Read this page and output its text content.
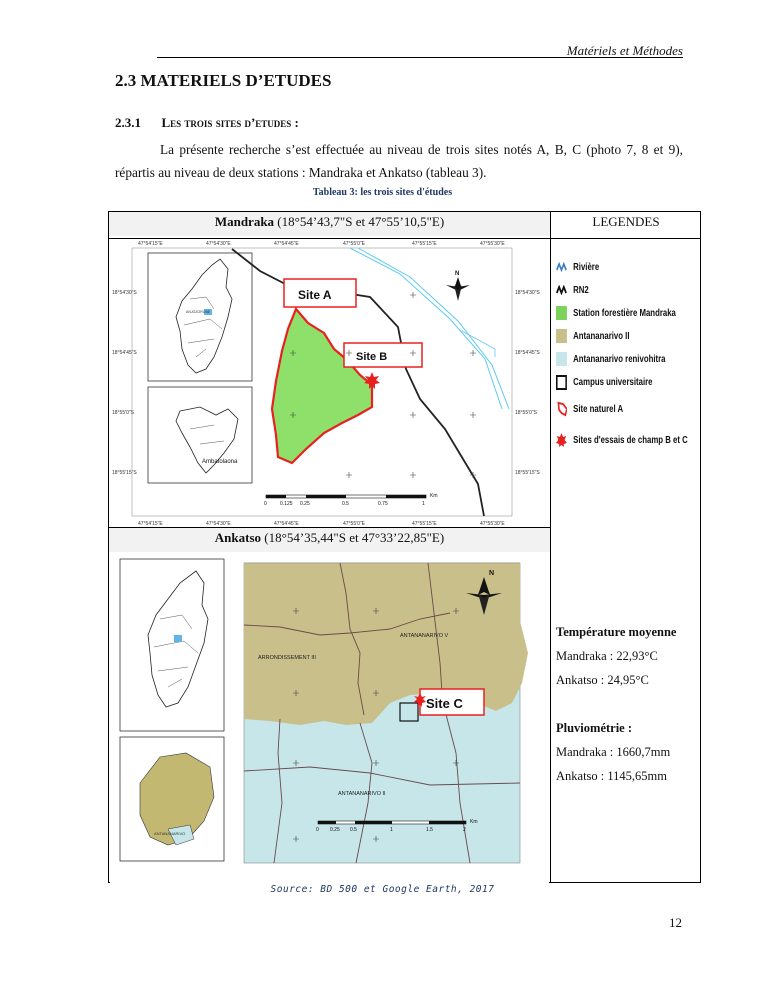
Matériels et Méthodes
2.3 MATERIELS D’ETUDES
2.3.1 Les trois sites d’etudes :
La présente recherche s’est effectuée au niveau de trois sites notés A, B, C (photo 7, 8 et 9), répartis au niveau de deux stations : Mandraka et Ankatso (tableau 3).
Tableau 3: les trois sites d'études
Mandraka (18°54’43,7"S et 47°55’10,5"E)	LEGENDES
Ankatso (18°54’35,44"S et 47°33’22,85"E)
47°54'15"E	47°54'30"E	47°54'45"E	47°55'0"E	47°55'15"E	47°55'30"E
47°54'15"E	47°54'30"E	47°54'45"E	47°55'0"E	47°55'15"E	47°55'30"E
18°54'30"S
18°54'45"S
18°55'0"S
18°55'15"S
18°54'30"S
18°54'45"S
18°55'0"S
18°55'15"S
ANJOZOROBE
Ambatolaona
Site A
Site B
N
0	0.125 0.25	0.5	0.75	1
Km
ANTANANARIVO
ARRONDISSEMENT III
ANTANANARIVO V
ANTANANARIVO II
Site C
N
0 0.25 0.5	1	1.5	2
Km
Rivière
RN2
Station forestière Mandraka
Antananarivo II
Antananarivo renivohitra
Campus universitaire
Site naturel A
Sites d'essais de champ B et C
Température moyenne
Mandraka : 22,93°C
Ankatso : 24,95°C
Pluviométrie :
Mandraka : 1660,7mm
Ankatso : 1145,65mm
Source: BD 500 et Google Earth, 2017
12
